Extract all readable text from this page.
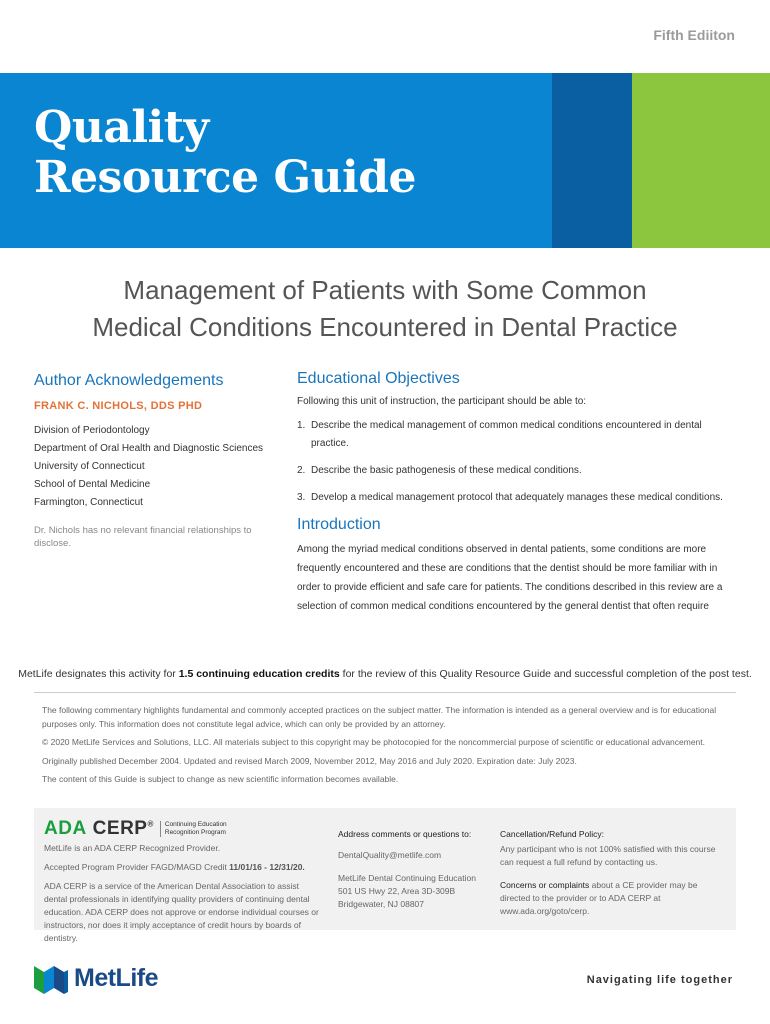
Fifth Ediiton
Quality
Resource Guide
Management of Patients with Some Common
Medical Conditions Encountered in Dental Practice
Author Acknowledgements
FRANK C. NICHOLS, DDS PHD
Division of Periodontology
Department of Oral Health and Diagnostic Sciences
University of Connecticut
School of Dental Medicine
Farmington, Connecticut
Dr. Nichols has no relevant financial relationships to disclose.
Educational Objectives
Following this unit of instruction, the participant should be able to:
1. Describe the medical management of common medical conditions encountered in dental practice.
2. Describe the basic pathogenesis of these medical conditions.
3. Develop a medical management protocol that adequately manages these medical conditions.
Introduction
Among the myriad medical conditions observed in dental patients, some conditions are more frequently encountered and these are conditions that the dentist should be more familiar with in order to provide efficient and safe care for patients. The conditions described in this review are a selection of common medical conditions encountered by the general dentist that often require
MetLife designates this activity for 1.5 continuing education credits for the review of this Quality Resource Guide and successful completion of the post test.

The following commentary highlights fundamental and commonly accepted practices on the subject matter. The information is intended as a general overview and is for educational purposes only. This information does not constitute legal advice, which can only be provided by an attorney.

© 2020 MetLife Services and Solutions, LLC. All materials subject to this copyright may be photocopied for the noncommercial purpose of scientific or educational advancement.

Originally published December 2004. Updated and revised March 2009, November 2012, May 2016 and July 2020. Expiration date: July 2023.

The content of this Guide is subject to change as new scientific information becomes available.

ADA CERP® Continuing Education
Recognition Program

MetLife is an ADA CERP Recognized Provider.

Accepted Program Provider FAGD/MAGD Credit 11/01/16 - 12/31/20.

ADA CERP is a service of the American Dental Association to assist dental professionals in identifying quality providers of continuing dental education. ADA CERP does not approve or endorse individual courses or instructors, nor does it imply acceptance of credit hours by boards of dentistry.

Address comments or questions to:

DentalQuality@metlife.com

MetLife Dental Continuing Education
501 US Hwy 22, Area 3D-309B
Bridgewater, NJ 08807
Cancellation/Refund Policy:

Any participant who is not 100% satisfied with this course can request a full refund by contacting us.

Concerns or complaints about a CE provider may be directed to the provider or to ADA CERP at www.ada.org/goto/cerp.

MetLife	Navigating life together
